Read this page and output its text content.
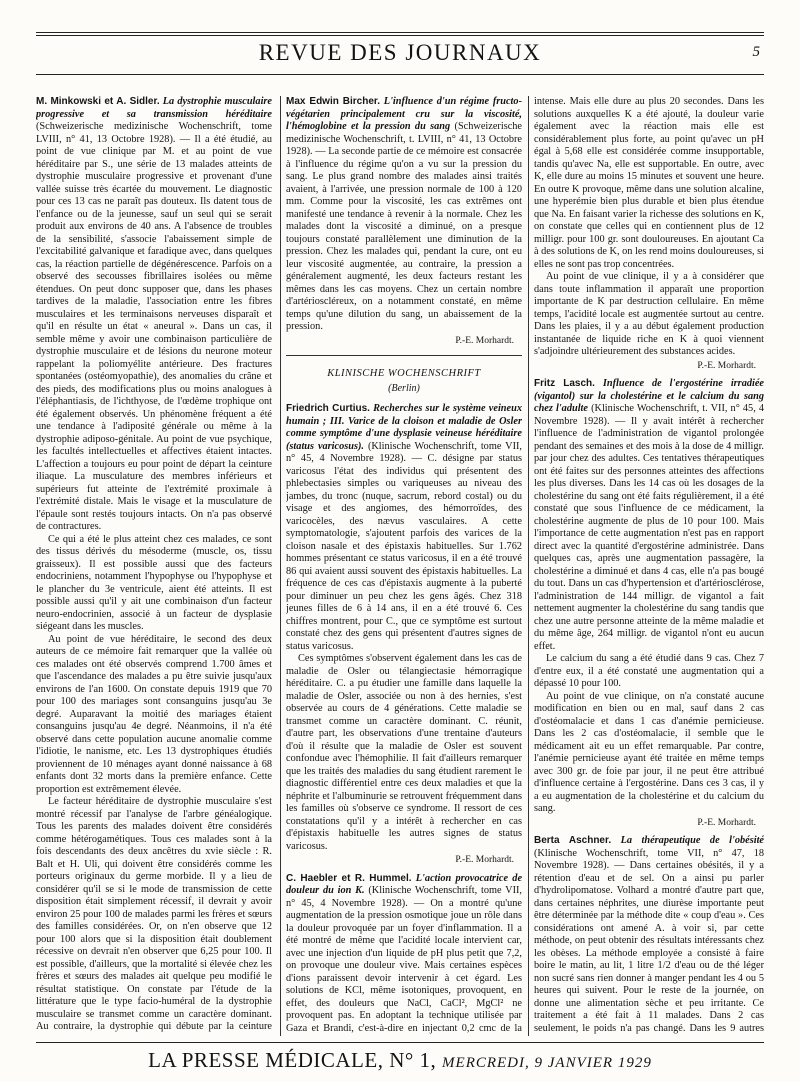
REVUE DES JOURNAUX	5

M. Minkowski et A. Sidler. La dystrophie musculaire progressive et sa transmission héréditaire (Schweizerische medizinische Wochenschrift, tome LVIII, n° 41, 13 Octobre 1928). — Il a été étudié, au point de vue clinique par M. et au point de vue héréditaire par S., une série de 13 malades atteints de dystrophie musculaire progressive et provenant d'une vallée suisse très écartée du mouvement. Le diagnostic pour ces 13 cas ne paraît pas douteux. Ils datent tous de l'enfance ou de la jeunesse, sauf un seul qui se serait produit aux environs de 40 ans. A l'absence de troubles de la sensibilité, s'associe l'abaissement simple de l'excitabilité galvanique et faradique avec, dans quelques cas, la réaction partielle de dégénérescence. Parfois on a observé des secousses fibrillaires isolées ou même étendues. On peut donc supposer que, dans les phases tardives de la maladie, l'association entre les fibres musculaires et les terminaisons nerveuses disparaît et qu'il en résulte un état « aneural ». Dans un cas, il semble même y avoir une combinaison particulière de dystrophie musculaire et de lésions du neurone moteur rappelant la poliomyélite antérieure. Des fractures spontanées (ostéomyopathie), des anomalies du crâne et des pieds, des modifications plus ou moins analogues à l'éléphantiasis, de l'ichthyose, de l'œdème trophique ont été également observés. Un phénomène fréquent a été une tendance à l'adiposité générale ou même à la dystrophie adiposo-génitale. Au point de vue psychique, les facultés intellectuelles et affectives étaient intactes. L'affection a toujours eu pour point de départ la ceinture iliaque. La musculature des membres inférieurs et supérieurs fut atteinte de l'extrémité proximale à l'extrémité distale. Mais le visage et la musculature de l'épaule sont restés toujours intacts. On n'a pas observé de contractures.

Ce qui a été le plus atteint chez ces malades, ce sont des tissus dérivés du mésoderme (muscle, os, tissu graisseux). Il est possible aussi que des facteurs endocriniens, notamment l'hypophyse ou l'hypophyse et le plancher du 3e ventricule, aient été atteints. Il est possible aussi qu'il y ait une combinaison d'un facteur neuro-endocrinien, associé à un facteur de dysplasie siégeant dans les muscles.

Au point de vue héréditaire, le second des deux auteurs de ce mémoire fait remarquer que la vallée où ces malades ont été observés comprend 1.700 âmes et que l'ascendance des malades a pu être suivie jusqu'aux environs de l'an 1600. On constate depuis 1919 que 70 pour 100 des mariages sont consanguins jusqu'au 3e degré. Auparavant la moitié des mariages étaient consanguins jusqu'au 4e degré. Néanmoins, il n'a été observé dans cette population aucune anomalie comme l'idiotie, le nanisme, etc. Les 13 dystrophiques étudiés proviennent de 10 ménages ayant donné naissance à 68 enfants dont 32 morts dans la première enfance. Cette proportion est extrêmement élevée.

Le facteur héréditaire de dystrophie musculaire s'est montré récessif par l'analyse de l'arbre généalogique. Tous les parents des malades doivent être considérés comme hétérogamétiques. Tous ces malades sont à la fois descendants des deux ancêtres du xvie siècle : R. Balt et H. Uli, qui doivent être considérés comme les porteurs originaux du germe morbide. Il y a lieu de considérer qu'il se si le mode de transmission de cette disposition était simplement récessif, il devrait y avoir environ 25 pour 100 de malades parmi les frères et sœurs des familles considérées. Or, on n'en observe que 12 pour 100 alors que si la disposition était doublement récessive on devrait n'en observer que 6,25 pour 100. Il est possible, d'ailleurs, que la mortalité si élevée chez les frères et sœurs des malades ait quelque peu modifié le résultat statistique. On constate par l'étude de la littérature que le type facio-huméral de la dystrophie musculaire se transmet comme un caractère dominant. Au contraire, la dystrophie qui débute par la ceinture

Max Edwin Bircher. L'influence d'un régime fructo-végétarien principalement cru sur la viscosité, l'hémoglobine et la pression du sang (Schweizerische medizinische Wochenschrift, t. LVIII, n° 41, 13 Octobre 1928). — La seconde partie de ce mémoire est consacrée à l'influence du régime qu'on a vu sur la pression du sang. Le plus grand nombre des malades ainsi traités avaient, à l'arrivée, une pression normale de 100 à 120 mm. Comme pour la viscosité, les cas extrêmes ont manifesté une tendance à revenir à la normale. Chez les malades dont la viscosité a diminué, on a presque toujours constaté parallèlement une diminution de la pression. Chez les malades qui, pendant la cure, ont eu leur viscosité augmentée, au contraire, la pression a généralement augmenté, les deux facteurs restant les mêmes dans les cas moyens. Chez un certain nombre d'artérioscléreux, on a notamment constaté, en même temps qu'une dilution du sang, un abaissement de la pression.

P.-E. Morhardt.
KLINISCHE WOCHENSCHRIFT
(Berlin)

Friedrich Curtius. Recherches sur le système veineux humain ; III. Varice de la cloison et maladie de Osler comme symptôme d'une dysplasie veineuse héréditaire (status varicosus). (Klinische Wochenschrift, tome VII, n° 45, 4 Novembre 1928). — C. désigne par status varicosus l'état des individus qui présentent des phlebectasies simples ou variqueuses au niveau des jambes, du tronc (nuque, sacrum, rebord costal) ou du visage et des angiomes, des hémorroïdes, des varicocèles, des nævus vasculaires. A cette symptomatologie, s'ajoutent parfois des varices de la cloison nasale et des épistaxis habituelles. Sur 1.762 hommes présentant ce status varicosus, il en a été trouvé 86 qui avaient aussi souvent des épistaxis habituelles. La fréquence de ces cas d'épistaxis augmente à la puberté pour diminuer un peu chez les gens âgés. Chez 318 jeunes filles de 6 à 14 ans, il en a été trouvé 6. Ces chiffres montrent, pour C., que ce symptôme est surtout constaté chez des gens qui présentent d'autres signes de status varicosus.

Ces symptômes s'observent également dans les cas de maladie de Osler ou télangiectasie hémorragique héréditaire. C. a pu étudier une famille dans laquelle la maladie de Osler, associée ou non à des hernies, s'est observée au cours de 4 générations. Cette maladie se transmet comme un caractère dominant. C. réunit, d'autre part, les observations d'une trentaine d'auteurs d'où il résulte que la maladie de Osler est souvent confondue avec l'hémophilie. Il fait d'ailleurs remarquer que les traités des maladies du sang étudient rarement le diagnostic différentiel entre ces deux maladies et que la néphrite et l'albuminurie se retrouvent fréquemment dans les familles où s'observe ce syndrome. Il ressort de ces constatations qu'il y a intérêt à rechercher en cas d'épistaxis habituelle les autres signes de status varicosus.

P.-E. Morhardt.

C. Haebler et R. Hummel. L'action provocatrice de douleur du ion K. (Klinische Wochenschrift, tome VII, n° 45, 4 Novembre 1928). — On a montré qu'une augmentation de la pression osmotique joue un rôle dans la douleur provoquée par un foyer d'inflammation. Il a été montré de même que l'acidité locale intervient car, avec une injection d'un liquide de pH plus petit que 7,2, on provoque une douleur vive. Mais certaines espèces d'ions paraissent devoir intervenir à cet égard. Les solutions de KCl, même isotoniques, provoquent, en effet, des douleurs que NaCl, CaCl², MgCl² ne provoquent pas. En adoptant la technique utilisée par Gaza et Brandi, c'est-à-dire en injectant 0,2 cmc de la

intense. Mais elle dure au plus 20 secondes. Dans les solutions auxquelles K a été ajouté, la douleur varie également avec la réaction mais elle est considérablement plus forte, au point qu'avec un pH égal à 5,68 elle est considérée comme insupportable, tandis qu'avec Na, elle est supportable. En outre, avec K, elle dure au moins 15 minutes et souvent une heure. En outre K provoque, même dans une solution alcaline, une hyperémie bien plus durable et bien plus étendue que Na. En faisant varier la richesse des solutions en K, on constate que celles qui en contiennent plus de 12 milligr. pour 100 gr. sont douloureuses. En ajoutant Ca à des solutions de K, on les rend moins douloureuses, si elles ne sont pas trop concentrées.

Au point de vue clinique, il y a à considérer que dans toute inflammation il apparaît une proportion importante de K par destruction cellulaire. En même temps, l'acidité locale est augmentée surtout au centre. Dans les plaies, il y a au début également production instantanée de liquide riche en K à quoi viennent s'adjoindre ultérieurement des substances acides.

P.-E. Morhardt.

Fritz Lasch. Influence de l'ergostérine irradiée (vigantol) sur la cholestérine et le calcium du sang chez l'adulte (Klinische Wochenschrift, t. VII, n° 45, 4 Novembre 1928). — Il y avait intérêt à rechercher l'influence de l'administration de vigantol prolongée pendant des semaines et des mois à la dose de 4 milligr. par jour chez des adultes. Ces tentatives thérapeutiques ont été faites sur des personnes atteintes des affections les plus diverses. Dans les 14 cas où les dosages de la cholestérine du sang ont été faits régulièrement, il a été constaté que sous l'influence de ce médicament, la cholestérine augmente de plus de 10 pour 100. Mais l'importance de cette augmentation n'est pas en rapport direct avec la quantité d'ergostérine administrée. Dans quelques cas, après une augmentation passagère, la cholestérine a diminué et dans 4 cas, elle n'a pas bougé du tout. Dans un cas d'hypertension et d'artériosclérose, l'administration de 144 milligr. de vigantol a fait nettement augmenter la cholestérine du sang tandis que chez une autre personne atteinte de la même maladie et du même âge, 264 milligr. de vigantol n'ont eu aucun effet.

Le calcium du sang a été étudié dans 9 cas. Chez 7 d'entre eux, il a été constaté une augmentation qui a dépassé 10 pour 100.

Au point de vue clinique, on n'a constaté aucune modification en bien ou en mal, sauf dans 2 cas d'ostéomalacie et dans 1 cas d'anémie pernicieuse. Dans les 2 cas d'ostéomalacie, il semble que le médicament ait eu un effet remarquable. Par contre, l'anémie pernicieuse ayant été traitée en même temps avec 300 gr. de foie par jour, il ne peut être attribué d'influence certaine à l'ergostérine. Dans ces 3 cas, il y a eu augmentation de la cholestérine et du calcium du sang.

P.-E. Morhardt.

Berta Aschner. La thérapeutique de l'obésité (Klinische Wochenschrift, tome VII, n° 47, 18 Novembre 1928). — Dans certaines obésités, il y a rétention d'eau et de sel. On a ainsi pu parler d'hydrolipomatose. Volhard a montré d'autre part que, dans certaines néphrites, une diurèse importante peut être déterminée par la méthode dite « coup d'eau ». Ces considérations ont amené A. à voir si, par cette méthode, on peut obtenir des résultats intéressants chez les obèses. La méthode employée a consisté à faire boire le matin, au lit, 1 litre 1/2 d'eau ou de thé léger non sucré sans rien donner à manger pendant les 4 ou 5 heures qui suivent. Pour le reste de la journée, on donne une alimentation sèche et peu irritante. Ce traitement a été fait à 11 malades. Dans 2 cas seulement, le poids n'a pas changé. Dans les 9 autres

LA PRESSE MÉDICALE, N° 1, MERCREDI, 9 JANVIER 1929
